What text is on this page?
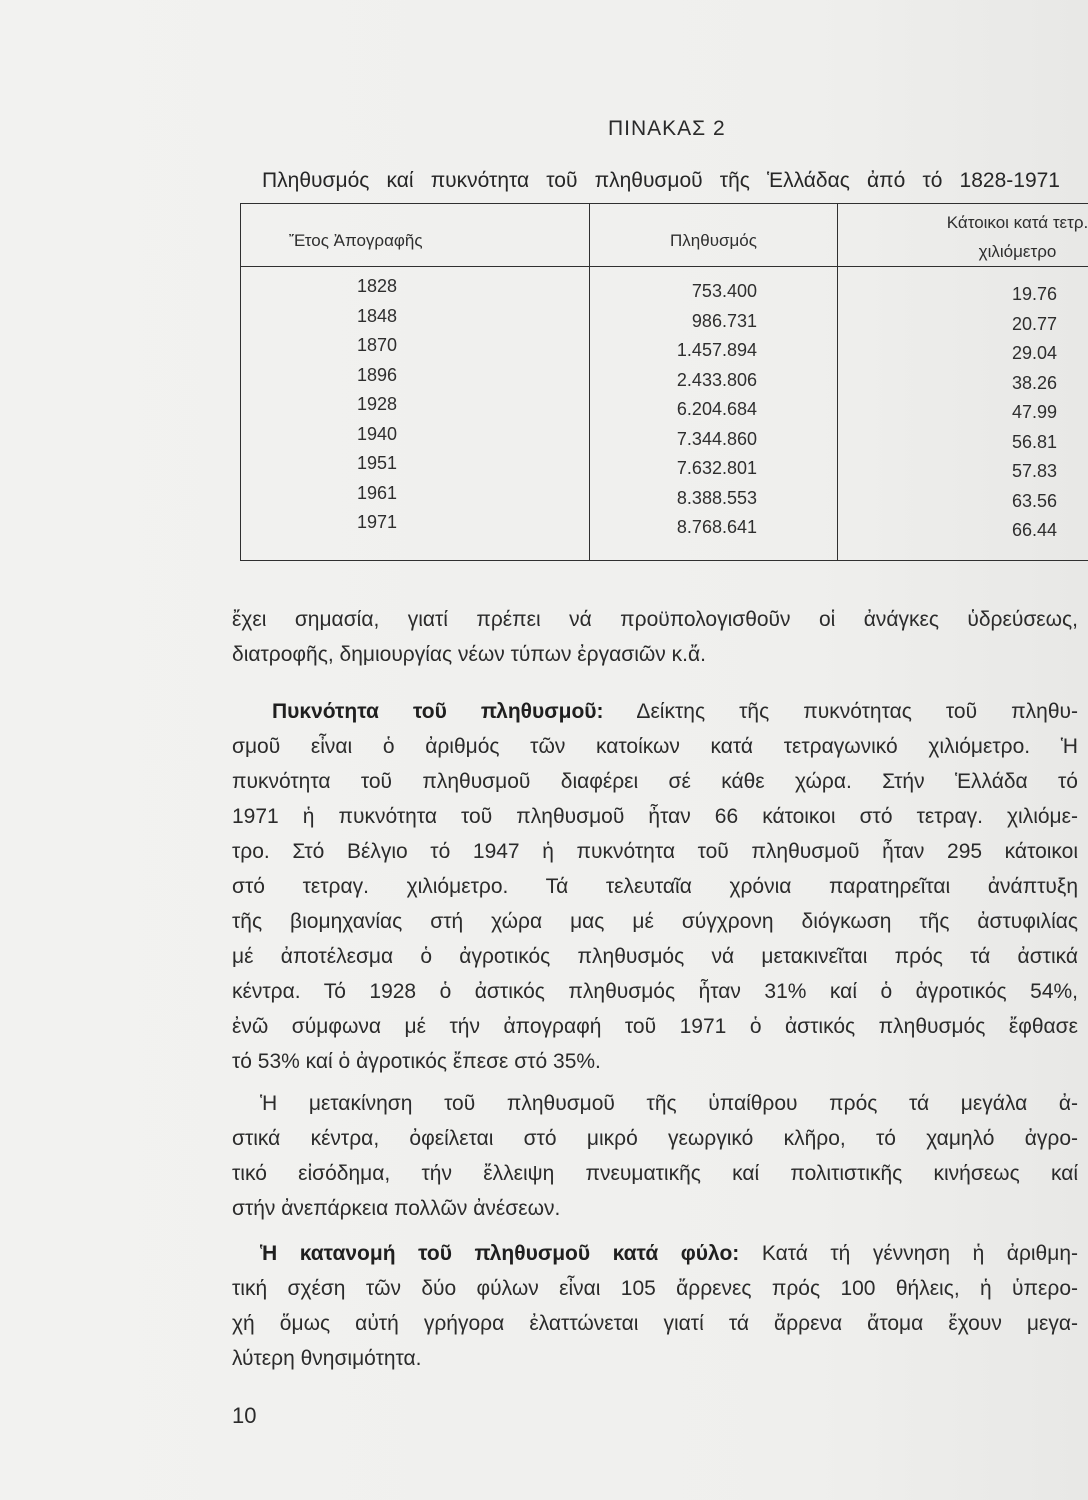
ΠΙΝΑΚΑΣ 2
Πληθυσμός καί πυκνότητα τοῦ πληθυσμοῦ τῆς Ἑλλάδας ἀπό τό 1828-1971
Ἔτος Ἀπογραφῆς	Πληθυσμός	Κάτοικοι κατά τετρ.
χιλιόμετρο
1828	753.400	19.76
1848	986.731	20.77
1870	1.457.894	29.04
1896	2.433.806	38.26
1928	6.204.684	47.99
1940	7.344.860	56.81
1951	7.632.801	57.83
1961	8.388.553	63.56
1971	8.768.641	66.44
ἔχει σημασία, γιατί πρέπει νά προϋπολογισθοῦν οἱ ἀνάγκες ὑδρεύσεως,
διατροφῆς, δημιουργίας νέων τύπων ἐργασιῶν κ.ἄ.
Πυκνότητα τοῦ πληθυσμοῦ: Δείκτης τῆς πυκνότητας τοῦ πληθυ-
σμοῦ εἶναι ὁ ἀριθμός τῶν κατοίκων κατά τετραγωνικό χιλιόμετρο. Ἡ
πυκνότητα τοῦ πληθυσμοῦ διαφέρει σέ κάθε χώρα. Στήν Ἑλλάδα τό
1971 ἡ πυκνότητα τοῦ πληθυσμοῦ ἦταν 66 κάτοικοι στό τετραγ. χιλιόμε-
τρο. Στό Βέλγιο τό 1947 ἡ πυκνότητα τοῦ πληθυσμοῦ ἦταν 295 κάτοικοι
στό τετραγ. χιλιόμετρο. Τά τελευταῖα χρόνια παρατηρεῖται ἀνάπτυξη
τῆς βιομηχανίας στή χώρα μας μέ σύγχρονη διόγκωση τῆς ἀστυφιλίας
μέ ἀποτέλεσμα ὁ ἀγροτικός πληθυσμός νά μετακινεῖται πρός τά ἀστικά
κέντρα. Τό 1928 ὁ ἀστικός πληθυσμός ἦταν 31% καί ὁ ἀγροτικός 54%,
ἐνῶ σύμφωνα μέ τήν ἀπογραφή τοῦ 1971 ὁ ἀστικός πληθυσμός ἔφθασε
τό 53% καί ὁ ἀγροτικός ἔπεσε στό 35%.
Ἡ μετακίνηση τοῦ πληθυσμοῦ τῆς ὑπαίθρου πρός τά μεγάλα ἀ-
στικά κέντρα, ὀφείλεται στό μικρό γεωργικό κλῆρο, τό χαμηλό ἀγρο-
τικό εἰσόδημα, τήν ἔλλειψη πνευματικῆς καί πολιτιστικῆς κινήσεως καί
στήν ἀνεπάρκεια πολλῶν ἀνέσεων.
Ἡ κατανομή τοῦ πληθυσμοῦ κατά φύλο: Κατά τή γέννηση ἡ ἀριθμη-
τική σχέση τῶν δύο φύλων εἶναι 105 ἄρρενες πρός 100 θήλεις, ἡ ὑπερο-
χή ὅμως αὐτή γρήγορα ἐλαττώνεται γιατί τά ἄρρενα ἄτομα ἔχουν μεγα-
λύτερη θνησιμότητα.
10
